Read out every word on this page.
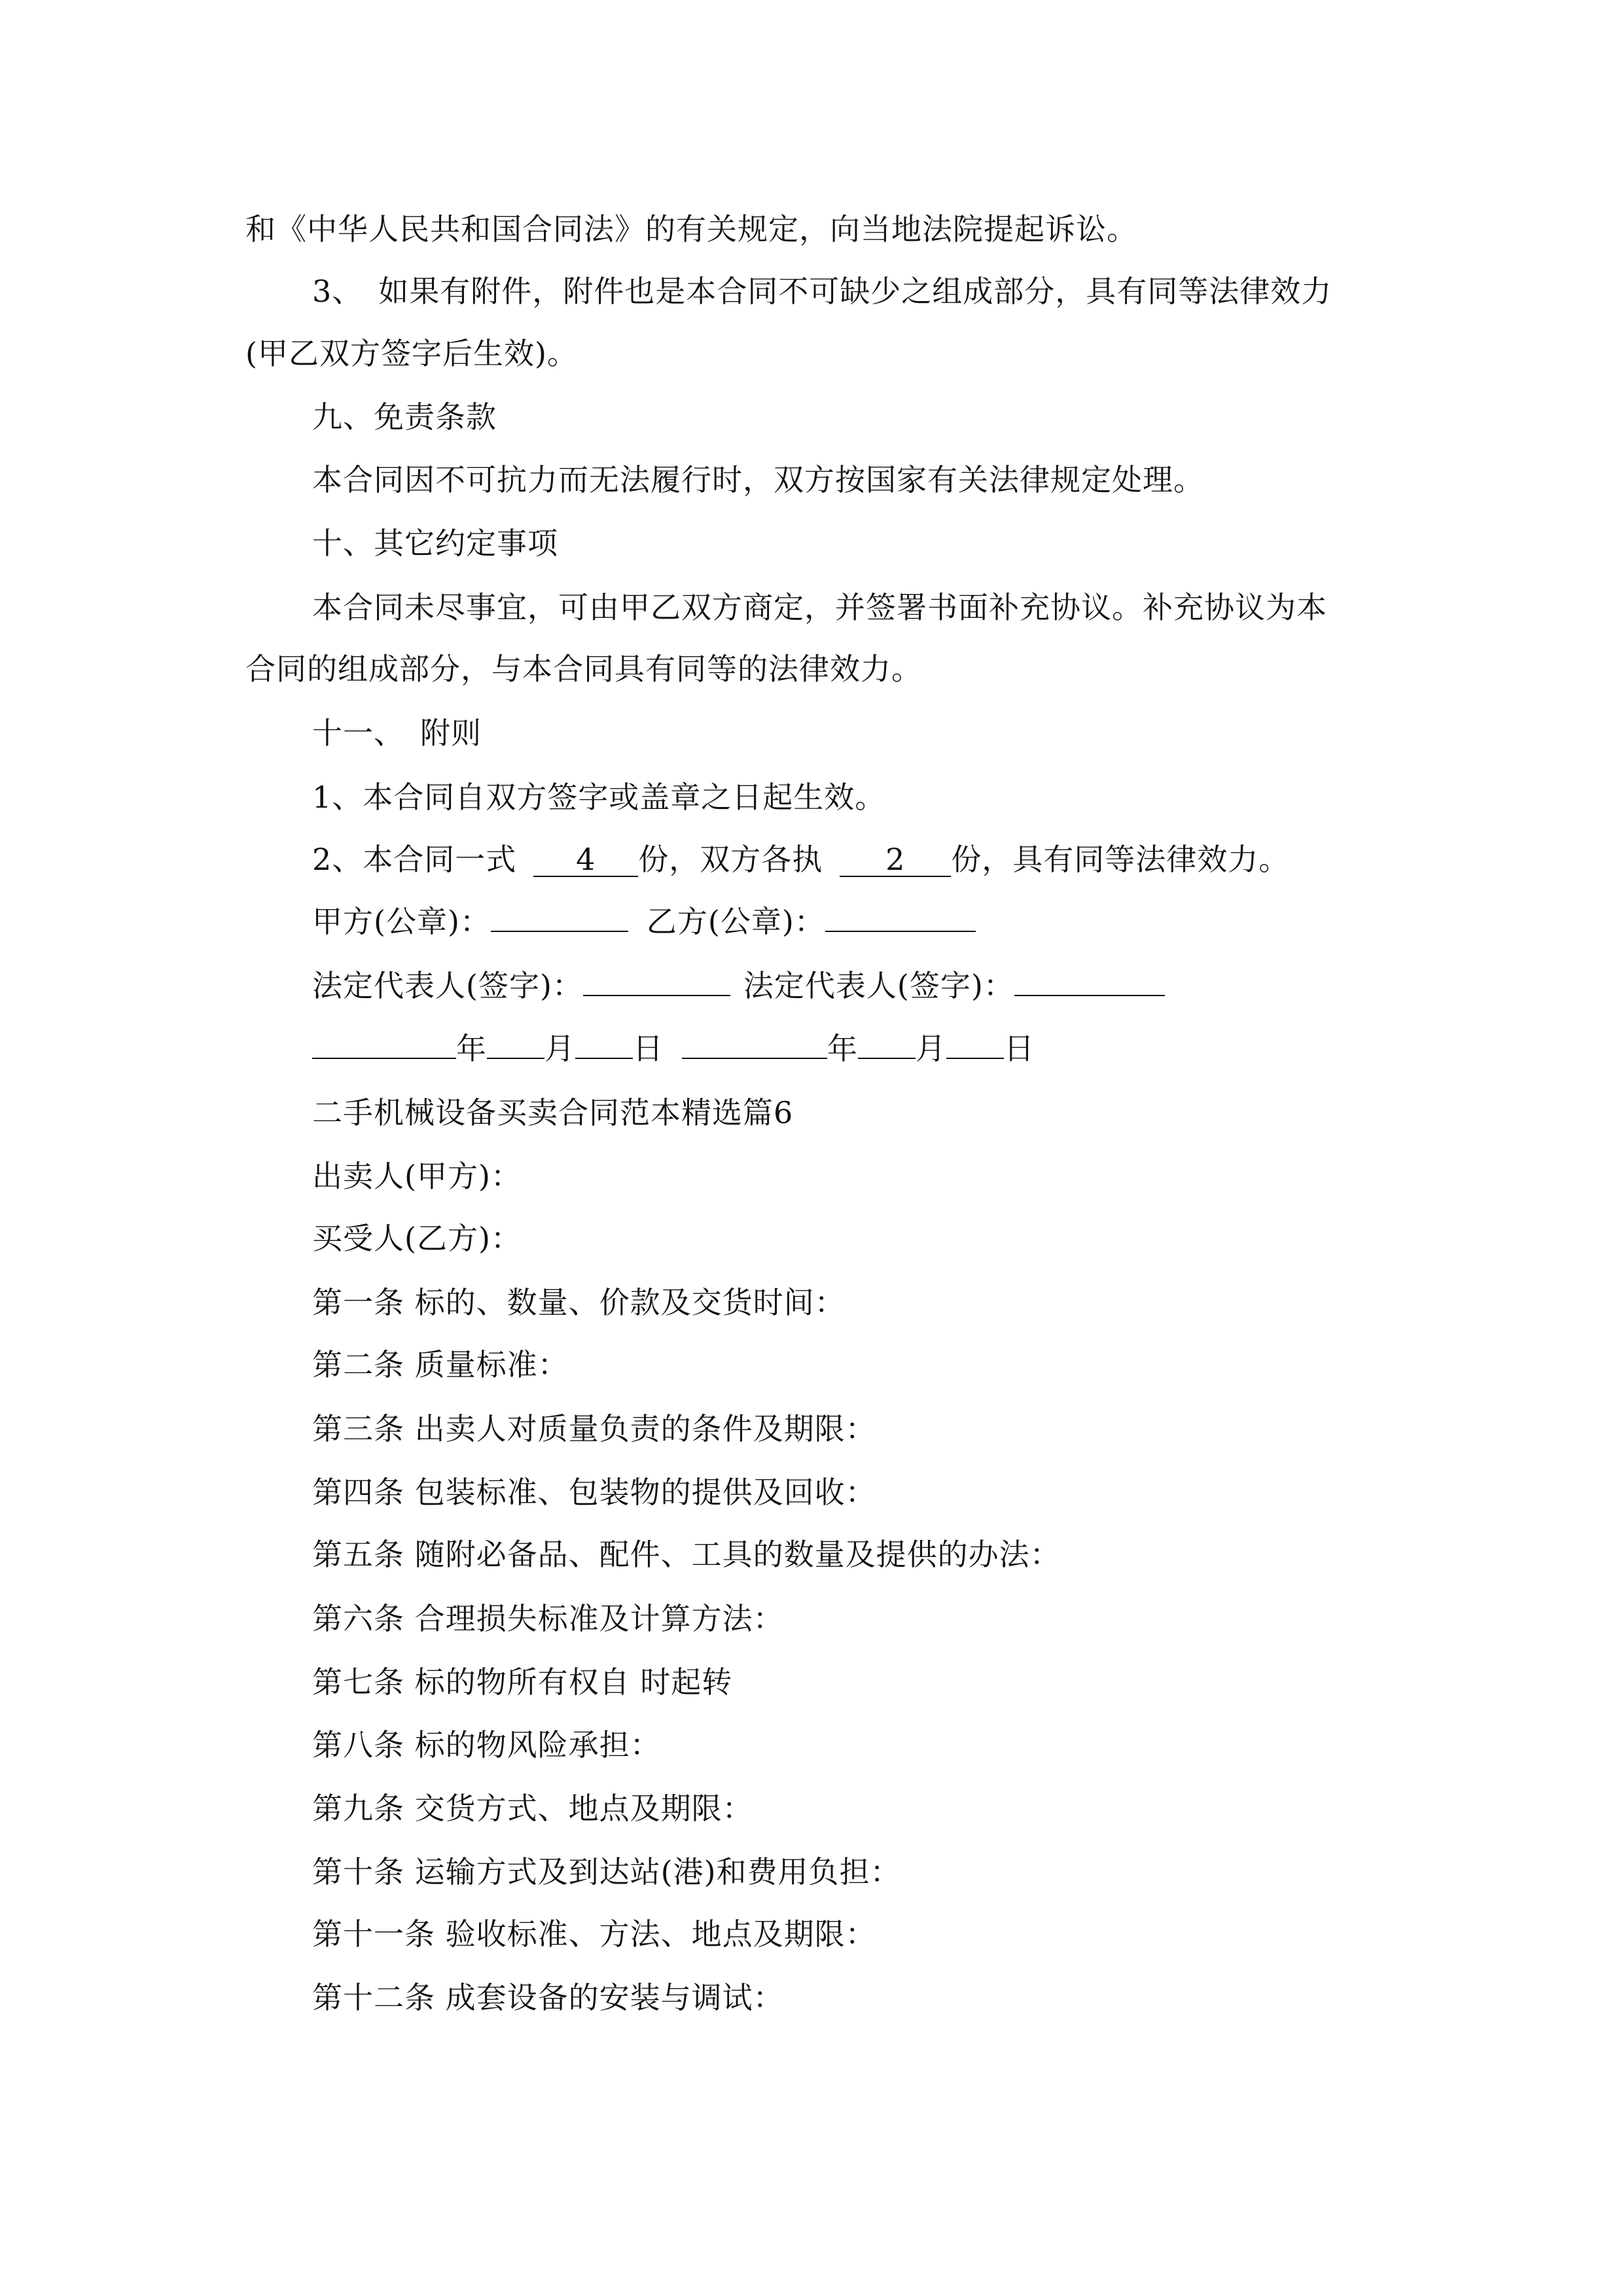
和《中华人民共和国合同法》的有关规定，向当地法院提起诉讼。
3、　如果有附件，附件也是本合同不可缺少之组成部分，具有同等法律效力
(甲乙双方签字后生效)。
九、免责条款
本合同因不可抗力而无法履行时，双方按国家有关法律规定处理。
十、其它约定事项
本合同未尽事宜，可由甲乙双方商定，并签署书面补充协议。补充协议为本
合同的组成部分，与本合同具有同等的法律效力。
十一、　附则
1、本合同自双方签字或盖章之日起生效。
2、本合同一式 4 份，双方各执 2 份，具有同等法律效力。
甲方(公章)：	乙方(公章)：
法定代表人(签字)：	法定代表人(签字)：
年 月 日	年 月 日
二手机械设备买卖合同范本精选篇6
出卖人(甲方)：
买受人(乙方)：
第一条 标的、数量、价款及交货时间：
第二条 质量标准：
第三条 出卖人对质量负责的条件及期限：
第四条 包装标准、包装物的提供及回收：
第五条 随附必备品、配件、工具的数量及提供的办法：
第六条 合理损失标准及计算方法：
第七条 标的物所有权自 时起转
第八条 标的物风险承担：
第九条 交货方式、地点及期限：
第十条 运输方式及到达站(港)和费用负担：
第十一条 验收标准、方法、地点及期限：
第十二条 成套设备的安装与调试：
